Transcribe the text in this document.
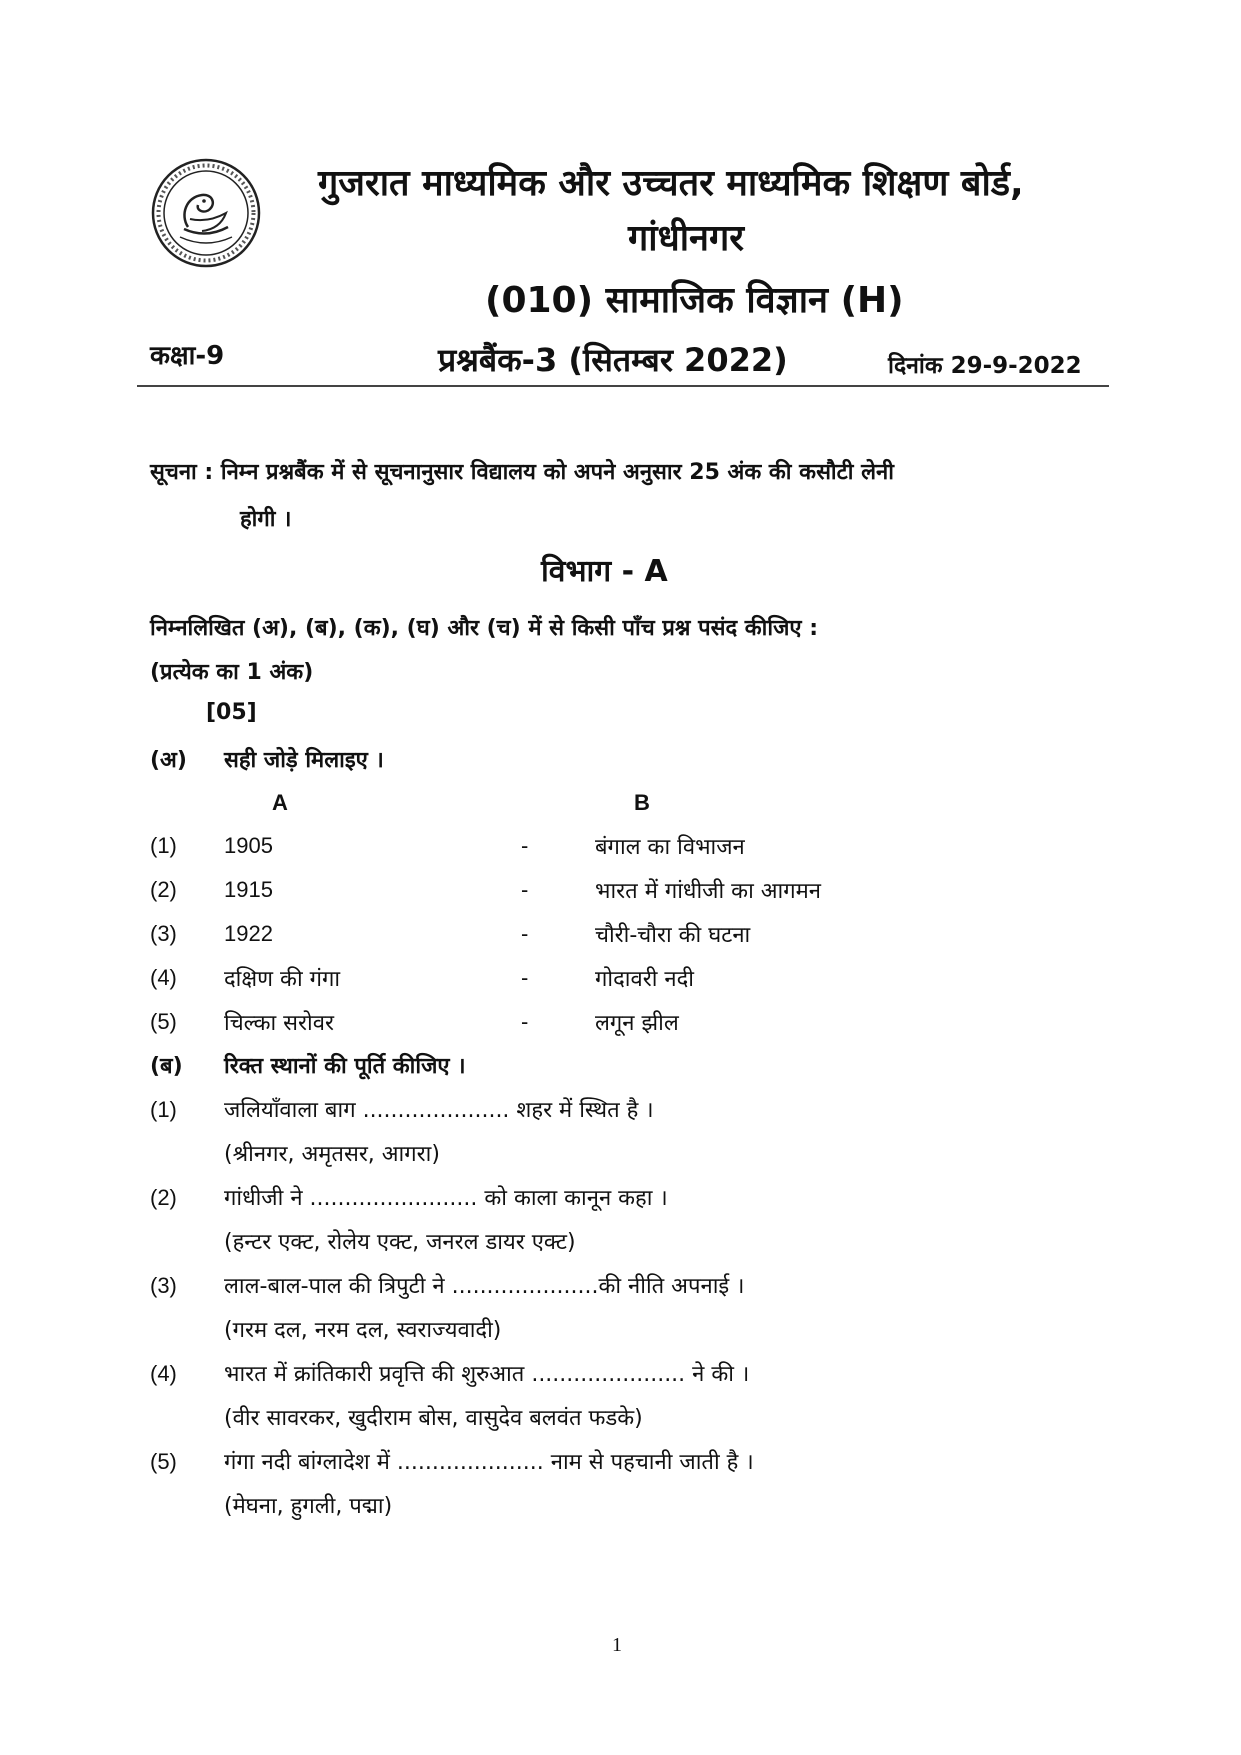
गुजरात माध्यमिक और उच्चतर माध्यमिक शिक्षण बोर्ड,
गांधीनगर
(010) सामाजिक विज्ञान (H)
कक्षा-9	प्रश्नबैंक-3 (सितम्बर 2022)	दिनांक 29-9-2022
सूचना : निम्न प्रश्नबैंक में से सूचनानुसार विद्यालय को अपने अनुसार 25 अंक की कसौटी लेनी
होगी ।
विभाग - A
निम्नलिखित (अ), (ब), (क), (घ) और (च) में से किसी पाँच प्रश्न पसंद कीजिए :
(प्रत्येक का 1 अंक)
[05]
(अ) सही जोड़े मिलाइए ।
A	B
(1) 1905	-	बंगाल का विभाजन
(2) 1915	-	भारत में गांधीजी का आगमन
(3) 1922	-	चौरी-चौरा की घटना
(4) दक्षिण की गंगा	-	गोदावरी नदी
(5) चिल्का सरोवर	-	लगून झील
(ब) रिक्त स्थानों की पूर्ति कीजिए ।
(1) जलियाँवाला बाग ..................... शहर में स्थित है ।
(श्रीनगर, अमृतसर, आगरा)
(2) गांधीजी ने ........................ को काला कानून कहा ।
(हन्टर एक्ट, रोलेय एक्ट, जनरल डायर एक्ट)
(3) लाल-बाल-पाल की त्रिपुटी ने .....................की नीति अपनाई ।
(गरम दल, नरम दल, स्वराज्यवादी)
(4) भारत में क्रांतिकारी प्रवृत्ति की शुरुआत ...................... ने की ।
(वीर सावरकर, खुदीराम बोस, वासुदेव बलवंत फडके)
(5) गंगा नदी बांग्लादेश में ..................... नाम से पहचानी जाती है ।
(मेघना, हुगली, पद्मा)
1
